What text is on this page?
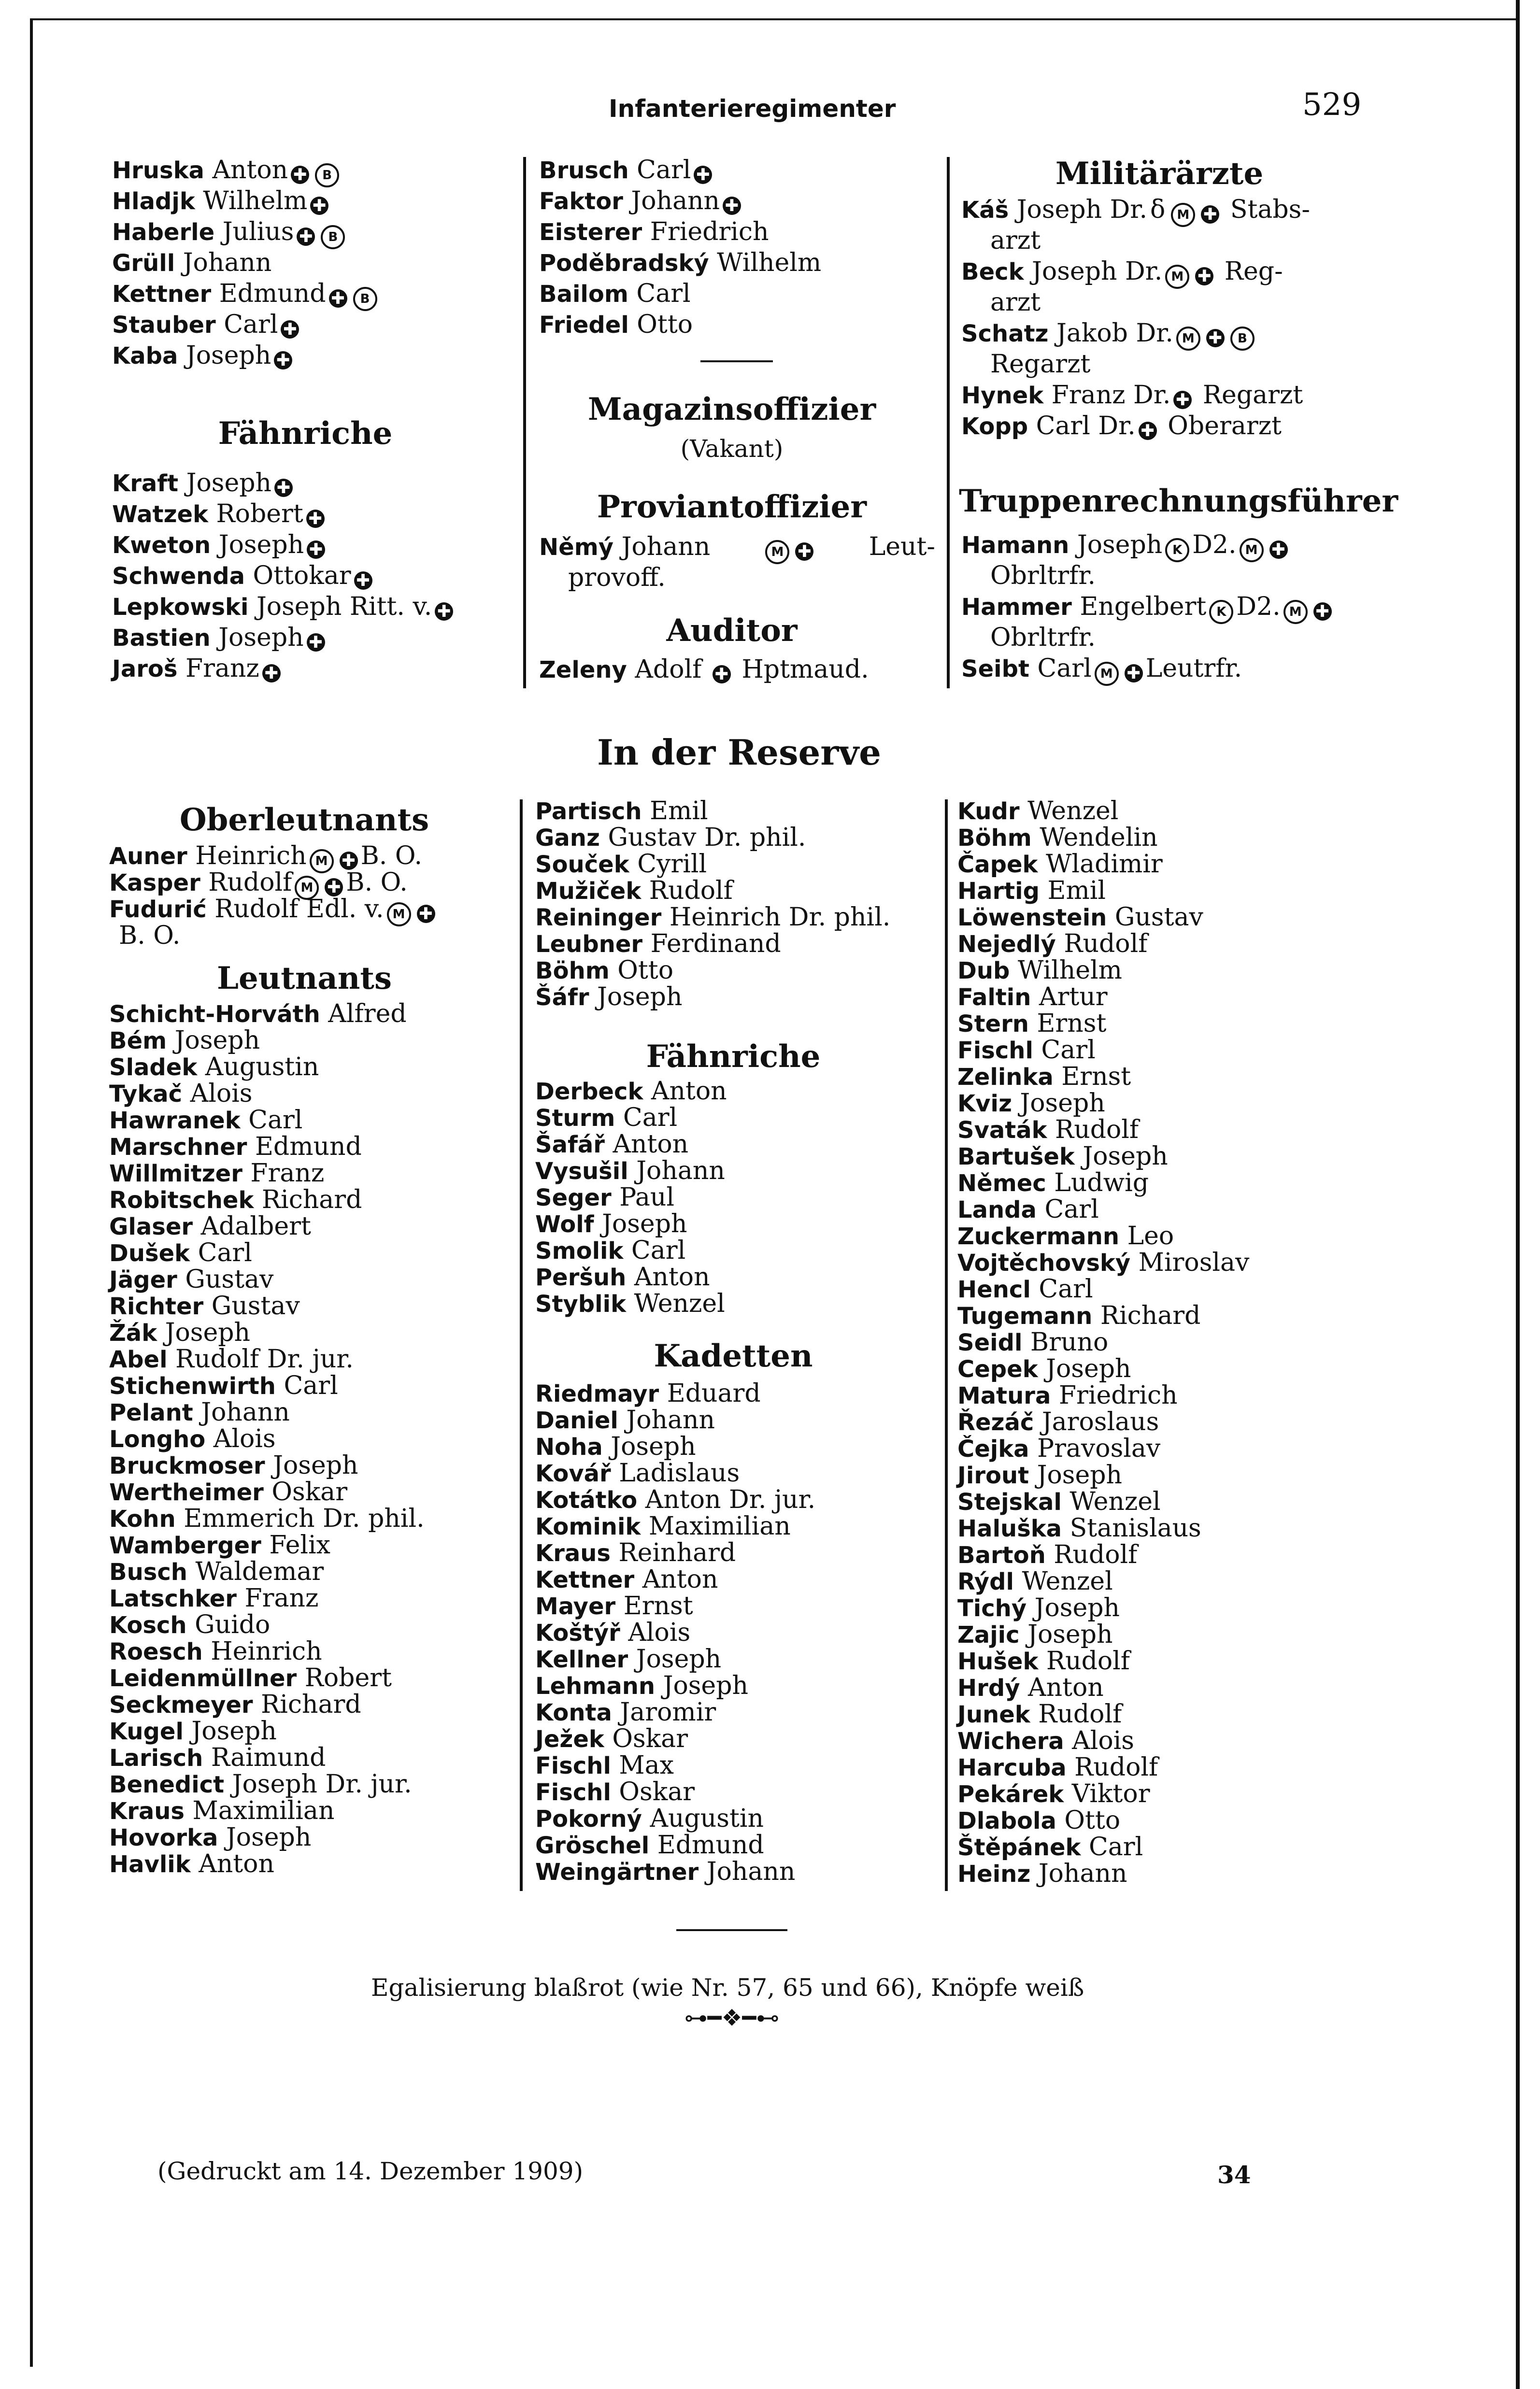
Infanterieregimenter	529
Hruska Anton ✚ B
Hladjk Wilhelm ✚
Haberle Julius ✚ B
Grüll Johann
Kettner Edmund ✚ B
Stauber Carl ✚
Kaba Joseph ✚
Fähnriche
Kraft Joseph ✚
Watzek Robert ✚
Kweton Joseph ✚
Schwenda Ottokar ✚
Lepkowski Joseph Ritt. v. ✚
Bastien Joseph ✚
Jaroš Franz ✚
Brusch Carl ✚
Faktor Johann ✚
Eisterer Friedrich
Poděbradský Wilhelm
Bailom Carl
Friedel Otto
Magazinsoffizier
(Vakant)
Proviantoffizier
Němý Johann	M ✚ Leut-
provoff.
Auditor
Zeleny Adolf ✚ Hptmaud.
Militärärzte
Káš Joseph Dr. δ M ✚ Stabs-
arzt
Beck Joseph Dr. M ✚ Reg-
arzt
Schatz Jakob Dr. M ✚ B
Regarzt
Hynek Franz Dr. ✚ Regarzt
Kopp Carl Dr. ✚ Oberarzt
Truppenrechnungsführer
Hamann Joseph K D2. M ✚
Obrltrfr.
Hammer Engelbert K D2. M ✚
Obrltrfr.
Seibt Carl M ✚ Leutrfr.
In der Reserve
Oberleutnants
Auner Heinrich M ✚ B. O.
Kasper Rudolf M ✚ B. O.
Fudurić Rudolf Edl. v. M ✚
B. O.
Leutnants
Schicht-Horváth Alfred
Bém Joseph
Sladek Augustin
Tykač Alois
Hawranek Carl
Marschner Edmund
Willmitzer Franz
Robitschek Richard
Glaser Adalbert
Dušek Carl
Jäger Gustav
Richter Gustav
Žák Joseph
Abel Rudolf Dr. jur.
Stichenwirth Carl
Pelant Johann
Longho Alois
Bruckmoser Joseph
Wertheimer Oskar
Kohn Emmerich Dr. phil.
Wamberger Felix
Busch Waldemar
Latschker Franz
Kosch Guido
Roesch Heinrich
Leidenmüllner Robert
Seckmeyer Richard
Kugel Joseph
Larisch Raimund
Benedict Joseph Dr. jur.
Kraus Maximilian
Hovorka Joseph
Havlik Anton
Partisch Emil
Ganz Gustav Dr. phil.
Souček Cyrill
Mužiček Rudolf
Reininger Heinrich Dr. phil.
Leubner Ferdinand
Böhm Otto
Šáfr Joseph
Fähnriche
Derbeck Anton
Sturm Carl
Šafář Anton
Vysušil Johann
Seger Paul
Wolf Joseph
Smolik Carl
Peršuh Anton
Styblik Wenzel
Kadetten
Riedmayr Eduard
Daniel Johann
Noha Joseph
Kovář Ladislaus
Kotátko Anton Dr. jur.
Kominik Maximilian
Kraus Reinhard
Kettner Anton
Mayer Ernst
Koštýř Alois
Kellner Joseph
Lehmann Joseph
Konta Jaromir
Ježek Oskar
Fischl Max
Fischl Oskar
Pokorný Augustin
Gröschel Edmund
Weingärtner Johann
Kudr Wenzel
Böhm Wendelin
Čapek Wladimir
Hartig Emil
Löwenstein Gustav
Nejedlý Rudolf
Dub Wilhelm
Faltin Artur
Stern Ernst
Fischl Carl
Zelinka Ernst
Kviz Joseph
Svaták Rudolf
Bartušek Joseph
Němec Ludwig
Landa Carl
Zuckermann Leo
Vojtěchovský Miroslav
Hencl Carl
Tugemann Richard
Seidl Bruno
Cepek Joseph
Matura Friedrich
Řezáč Jaroslaus
Čejka Pravoslav
Jirout Joseph
Stejskal Wenzel
Haluška Stanislaus
Bartoň Rudolf
Rýdl Wenzel
Tichý Joseph
Zajic Joseph
Hušek Rudolf
Hrdý Anton
Junek Rudolf
Wichera Alois
Harcuba Rudolf
Pekárek Viktor
Dlabola Otto
Štěpánek Carl
Heinz Johann
Egalisierung blaßrot (wie Nr. 57, 65 und 66), Knöpfe weiß
⊶━❖━⊷
(Gedruckt am 14. Dezember 1909)	34
